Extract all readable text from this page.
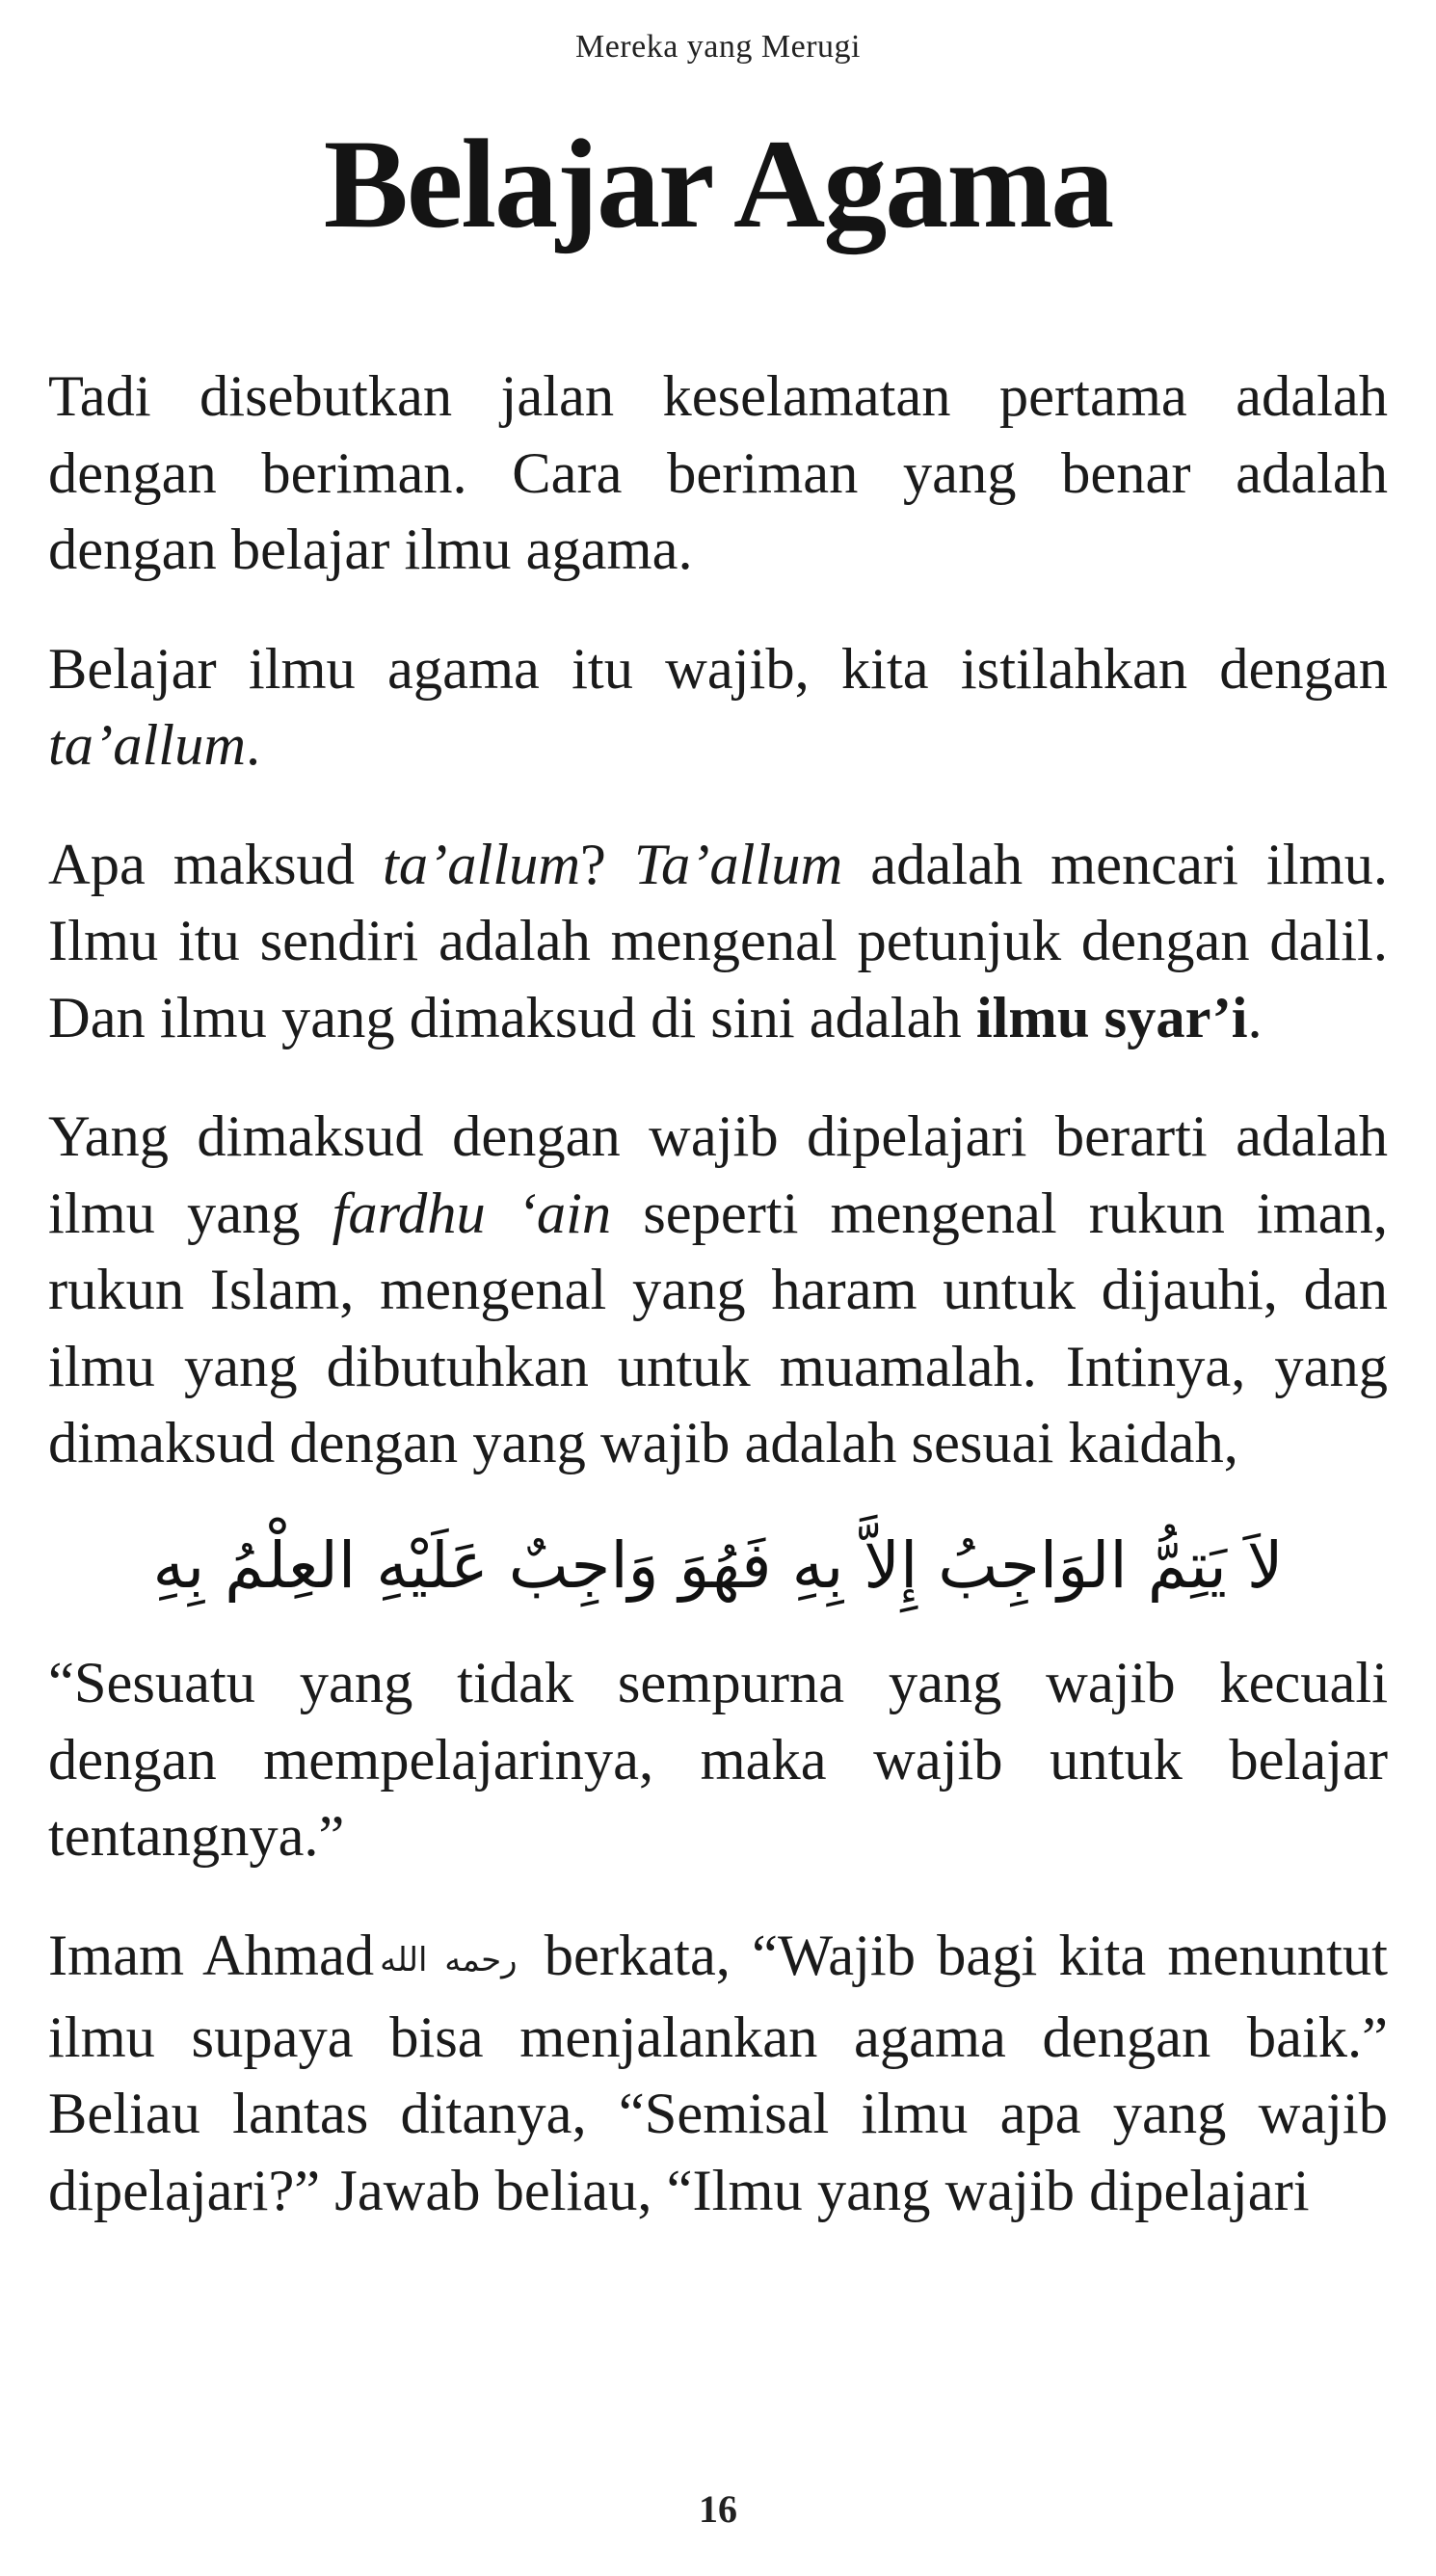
Mereka yang Merugi
Belajar Agama

Tadi disebutkan jalan keselamatan pertama adalah dengan beriman. Cara beriman yang benar adalah dengan belajar ilmu agama.

Belajar ilmu agama itu wajib, kita istilahkan dengan ta’allum.

Apa maksud ta’allum? Ta’allum adalah mencari ilmu. Ilmu itu sendiri adalah mengenal petunjuk dengan dalil. Dan ilmu yang dimaksud di sini adalah ilmu syar’i.

Yang dimaksud dengan wajib dipelajari berarti adalah ilmu yang fardhu ‘ain seperti mengenal rukun iman, rukun Islam, mengenal yang haram untuk dijauhi, dan ilmu yang dibutuhkan untuk muamalah. Intinya, yang dimaksud dengan yang wajib adalah sesuai kaidah,

لاَ يَتِمُّ الوَاجِبُ إِلاَّ بِهِ فَهُوَ وَاجِبٌ عَلَيْهِ العِلْمُ بِهِ

“Sesuatu yang tidak sempurna yang wajib kecuali dengan mempelajarinya, maka wajib untuk belajar tentangnya.”

Imam Ahmad رحمه الله berkata, “Wajib bagi kita menuntut ilmu supaya bisa menjalankan agama dengan baik.” Beliau lantas ditanya, “Semisal ilmu apa yang wajib dipelajari?” Jawab beliau, “Ilmu yang wajib dipelajari

16
